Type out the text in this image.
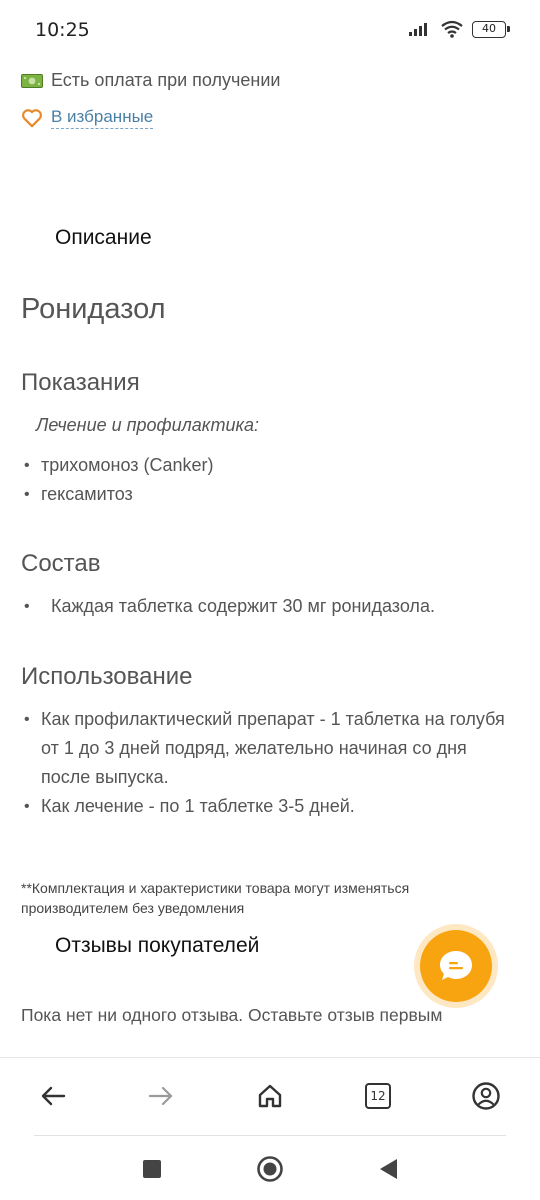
10:25	40
Есть оплата при получении
В избранные
Описание
Ронидазол
Показания
Лечение и профилактика:
• трихомоноз (Canker)
• гексамитоз
Состав
• Каждая таблетка содержит 30 мг ронидазола.
Использование
• Как профилактический препарат - 1 таблетка на голубя от 1 до 3 дней подряд, желательно начиная со дня после выпуска.
• Как лечение - по 1 таблетке 3-5 дней.
**Комплектация и характеристики товара могут изменяться производителем без уведомления
Отзывы покупателей
Пока нет ни одного отзыва. Оставьте отзыв первым
12
